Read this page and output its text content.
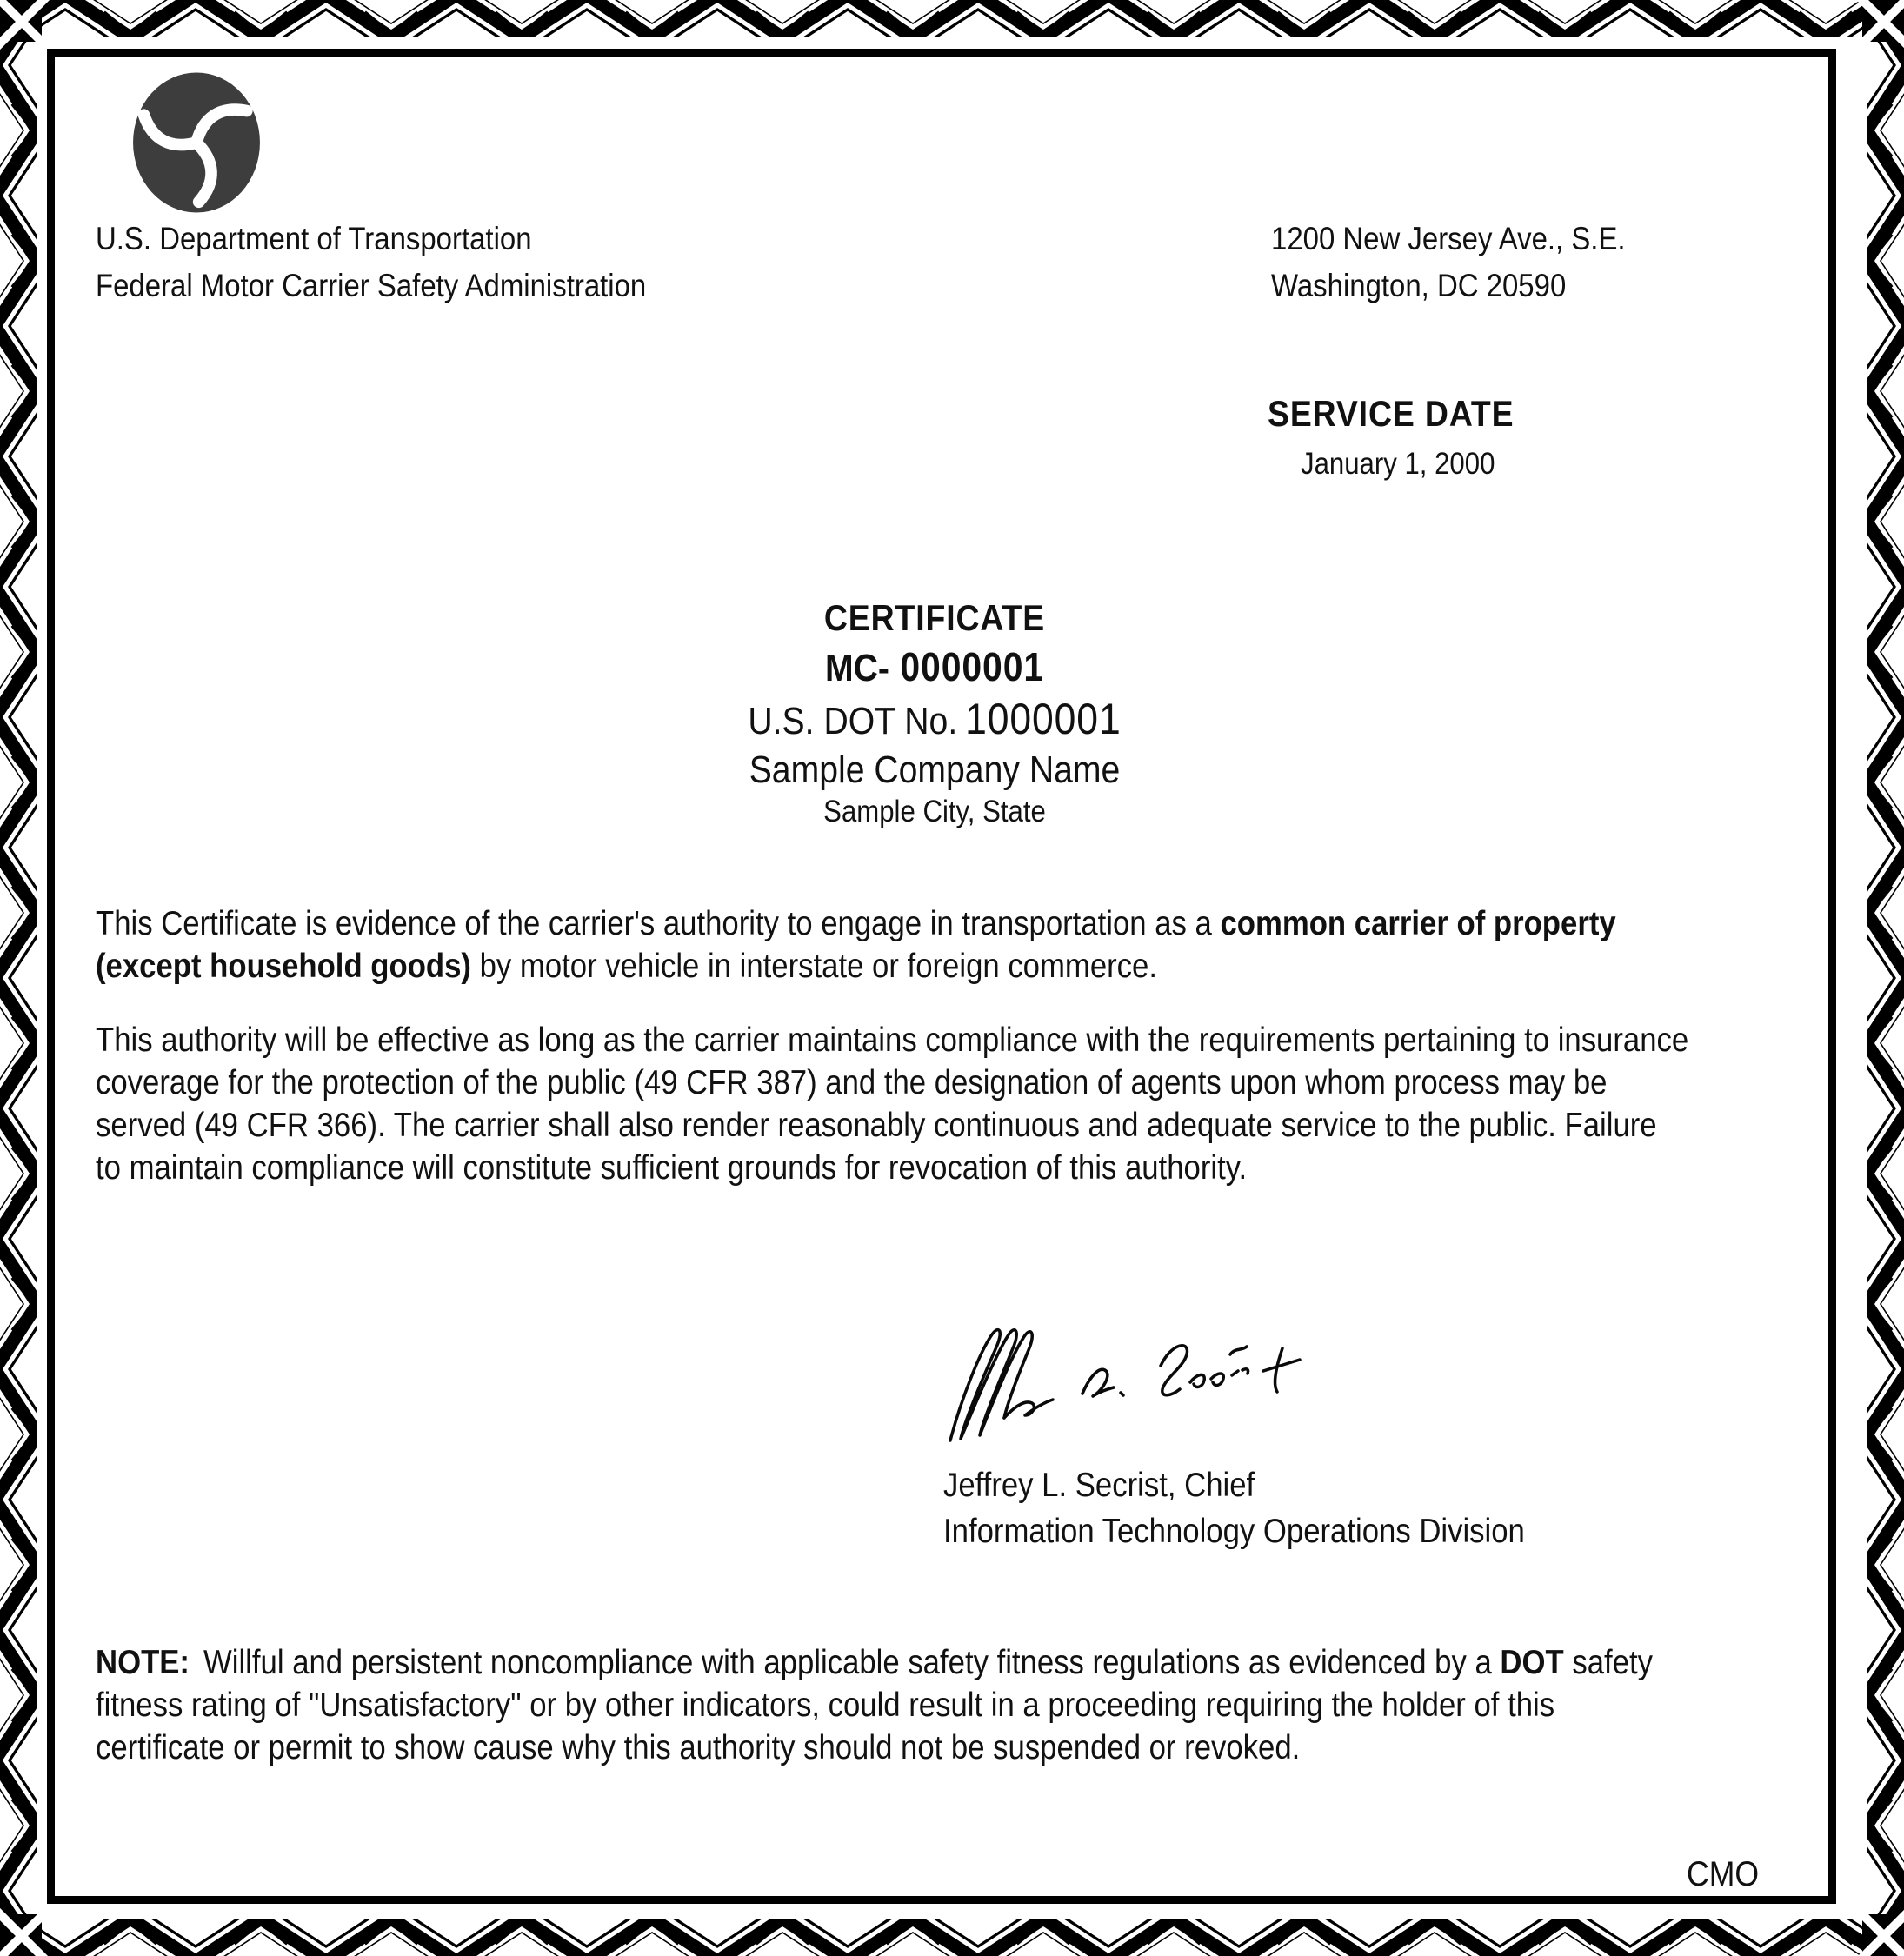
U.S. Department of Transportation
Federal Motor Carrier Safety Administration
1200 New Jersey Ave., S.E.
Washington, DC 20590
SERVICE DATE
January 1, 2000
CERTIFICATE
MC- 0000001
U.S. DOT No. 1000001
Sample Company Name
Sample City, State
This Certificate is evidence of the carrier's authority to engage in transportation as a common carrier of property (except household goods) by motor vehicle in interstate or foreign commerce.
This authority will be effective as long as the carrier maintains compliance with the requirements pertaining to insurance coverage for the protection of the public (49 CFR 387) and the designation of agents upon whom process may be served (49 CFR 366). The carrier shall also render reasonably continuous and adequate service to the public. Failure to maintain compliance will constitute sufficient grounds for revocation of this authority.
Jeffrey L. Secrist, Chief
Information Technology Operations Division
NOTE: Willful and persistent noncompliance with applicable safety fitness regulations as evidenced by a DOT safety fitness rating of "Unsatisfactory" or by other indicators, could result in a proceeding requiring the holder of this certificate or permit to show cause why this authority should not be suspended or revoked.
CMO
